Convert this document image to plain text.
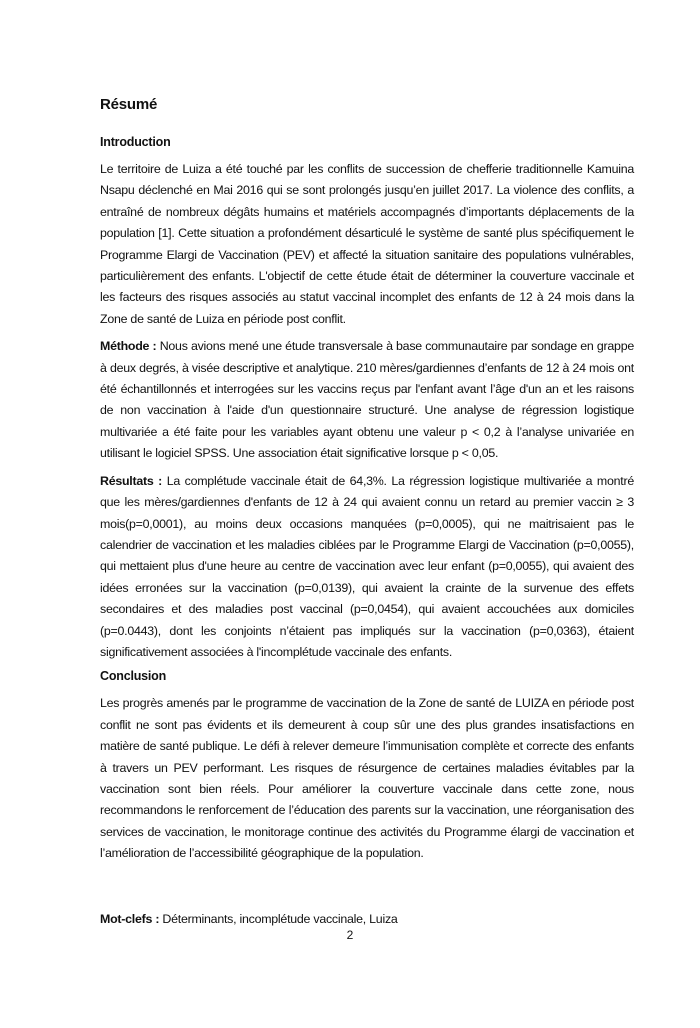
Résumé
Introduction

Le territoire de Luiza a été touché par les conflits de succession de chefferie traditionnelle Kamuina Nsapu déclenché en Mai 2016 qui se sont prolongés jusqu’en juillet 2017. La violence des conflits, a entraîné de nombreux dégâts humains et matériels accompagnés d’importants déplacements de la population [1]. Cette situation a profondément désarticulé le système de santé plus spécifiquement le Programme Elargi de Vaccination (PEV) et affecté la situation sanitaire des populations vulnérables, particulièrement des enfants. L'objectif de cette étude était de déterminer la couverture vaccinale et les facteurs des risques associés au statut vaccinal incomplet des enfants de 12 à 24 mois dans la Zone de santé de Luiza en période post conflit.

Méthode : Nous avions mené une étude transversale à base communautaire par sondage en grappe à deux degrés, à visée descriptive et analytique. 210 mères/gardiennes d’enfants de 12 à 24 mois ont été échantillonnés et interrogées sur les vaccins reçus par l'enfant avant l’âge d'un an et les raisons de non vaccination à l'aide d'un questionnaire structuré. Une analyse de régression logistique multivariée a été faite pour les variables ayant obtenu une valeur p < 0,2 à l’analyse univariée en utilisant le logiciel SPSS. Une association était significative lorsque p < 0,05.

Résultats : La complétude vaccinale était de 64,3%. La régression logistique multivariée a montré que les mères/gardiennes d'enfants de 12 à 24 qui avaient connu un retard au premier vaccin ≥ 3 mois(p=0,0001), au moins deux occasions manquées (p=0,0005), qui ne maitrisaient pas le calendrier de vaccination et les maladies ciblées par le Programme Elargi de Vaccination (p=0,0055), qui mettaient plus d'une heure au centre de vaccination avec leur enfant (p=0,0055), qui avaient des idées erronées sur la vaccination (p=0,0139), qui avaient la crainte de la survenue des effets secondaires et des maladies post vaccinal (p=0,0454), qui avaient accouchées aux domiciles (p=0.0443), dont les conjoints n’étaient pas impliqués sur la vaccination (p=0,0363), étaient significativement associées à l'incomplétude vaccinale des enfants.

Conclusion

Les progrès amenés par le programme de vaccination de la Zone de santé de LUIZA en période post conflit ne sont pas évidents et ils demeurent à coup sûr une des plus grandes insatisfactions en matière de santé publique. Le défi à relever demeure l’immunisation complète et correcte des enfants à travers un PEV performant. Les risques de résurgence de certaines maladies évitables par la vaccination sont bien réels. Pour améliorer la couverture vaccinale dans cette zone, nous recommandons le renforcement de l’éducation des parents sur la vaccination, une réorganisation des services de vaccination, le monitorage continue des activités du Programme élargi de vaccination et l’amélioration de l’accessibilité géographique de la population.

Mot-clefs : Déterminants, incomplétude vaccinale, Luiza

2
